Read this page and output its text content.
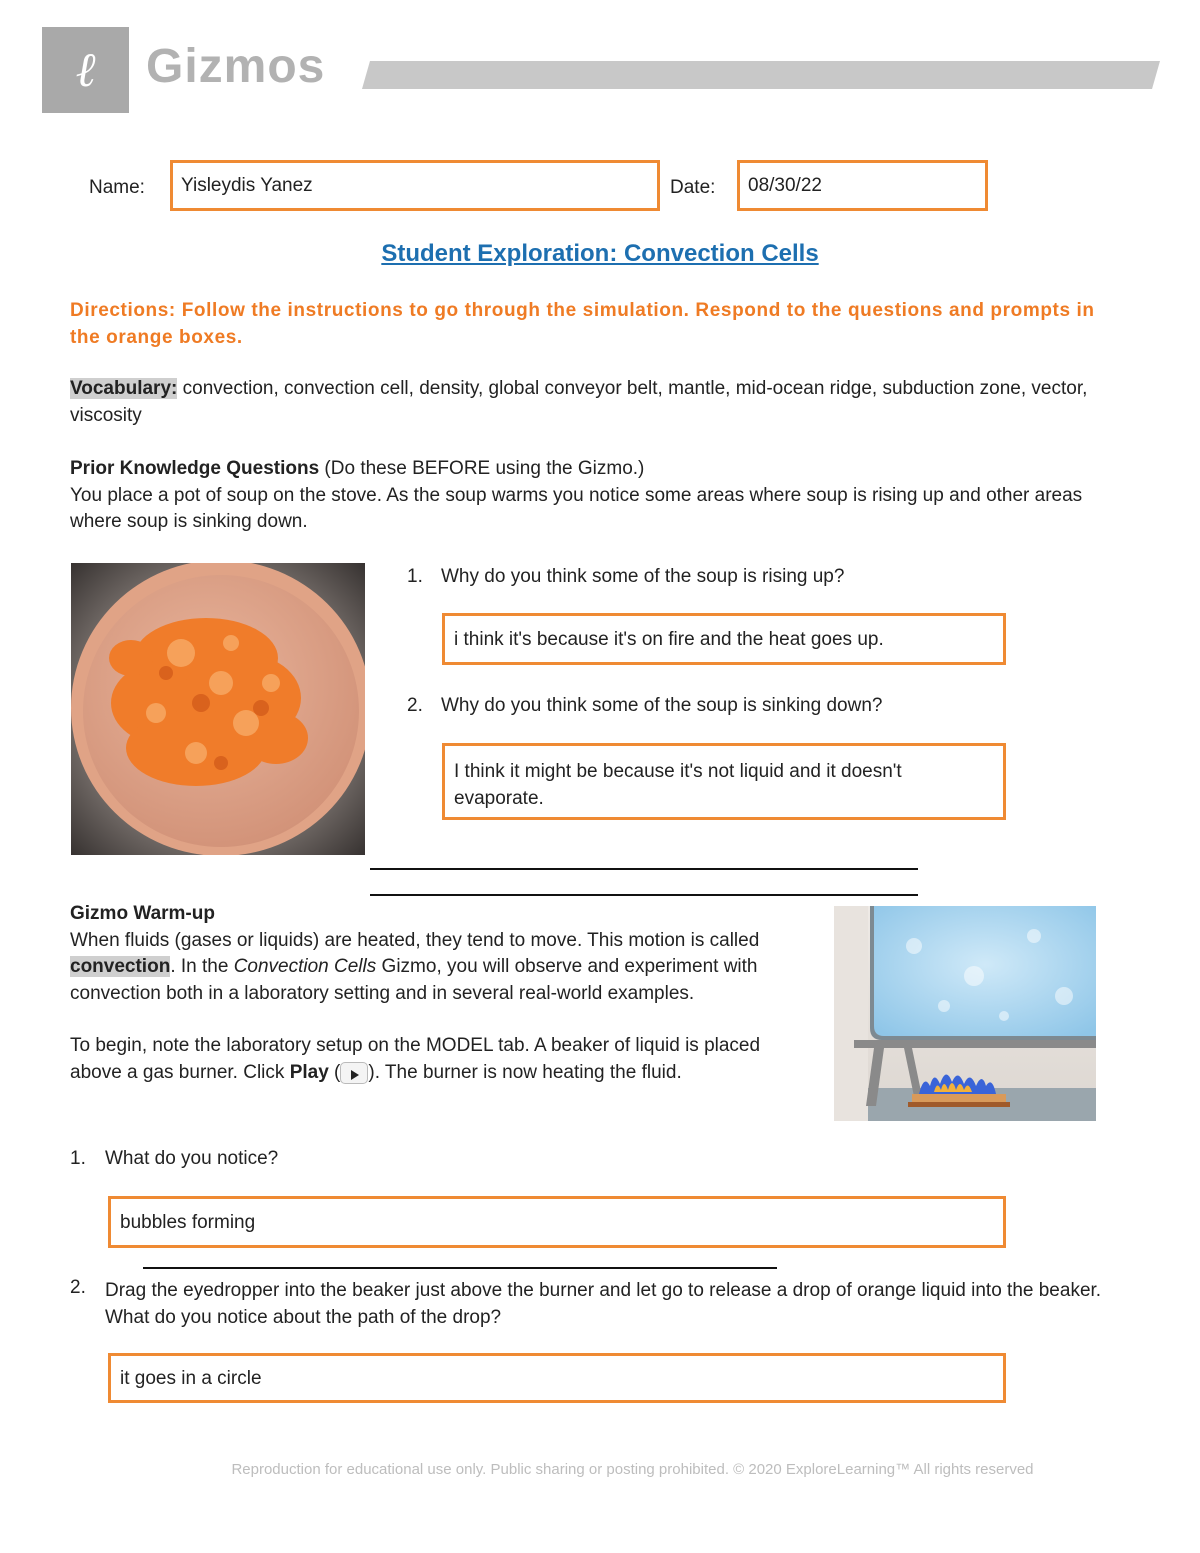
ℓ Gizmos
Name: Yisleydis Yanez	Date: 08/30/22
Student Exploration: Convection Cells
Directions: Follow the instructions to go through the simulation. Respond to the questions and prompts in the orange boxes.
Vocabulary: convection, convection cell, density, global conveyor belt, mantle, mid-ocean ridge, subduction zone, vector, viscosity
Prior Knowledge Questions (Do these BEFORE using the Gizmo.)
You place a pot of soup on the stove. As the soup warms you notice some areas where soup is rising up and other areas where soup is sinking down.
1. Why do you think some of the soup is rising up?
i think it's because it's on fire and the heat goes up.
2. Why do you think some of the soup is sinking down?
I think it might be because it's not liquid and it doesn't evaporate.
Gizmo Warm-up
When fluids (gases or liquids) are heated, they tend to move. This motion is called convection. In the Convection Cells Gizmo, you will observe and experiment with convection both in a laboratory setting and in several real-world examples.
To begin, note the laboratory setup on the MODEL tab. A beaker of liquid is placed above a gas burner. Click Play ( ). The burner is now heating the fluid.
1. What do you notice?
bubbles forming
2. Drag the eyedropper into the beaker just above the burner and let go to release a drop of orange liquid into the beaker. What do you notice about the path of the drop?
it goes in a circle
Reproduction for educational use only. Public sharing or posting prohibited. © 2020 ExploreLearning™ All rights reserved
